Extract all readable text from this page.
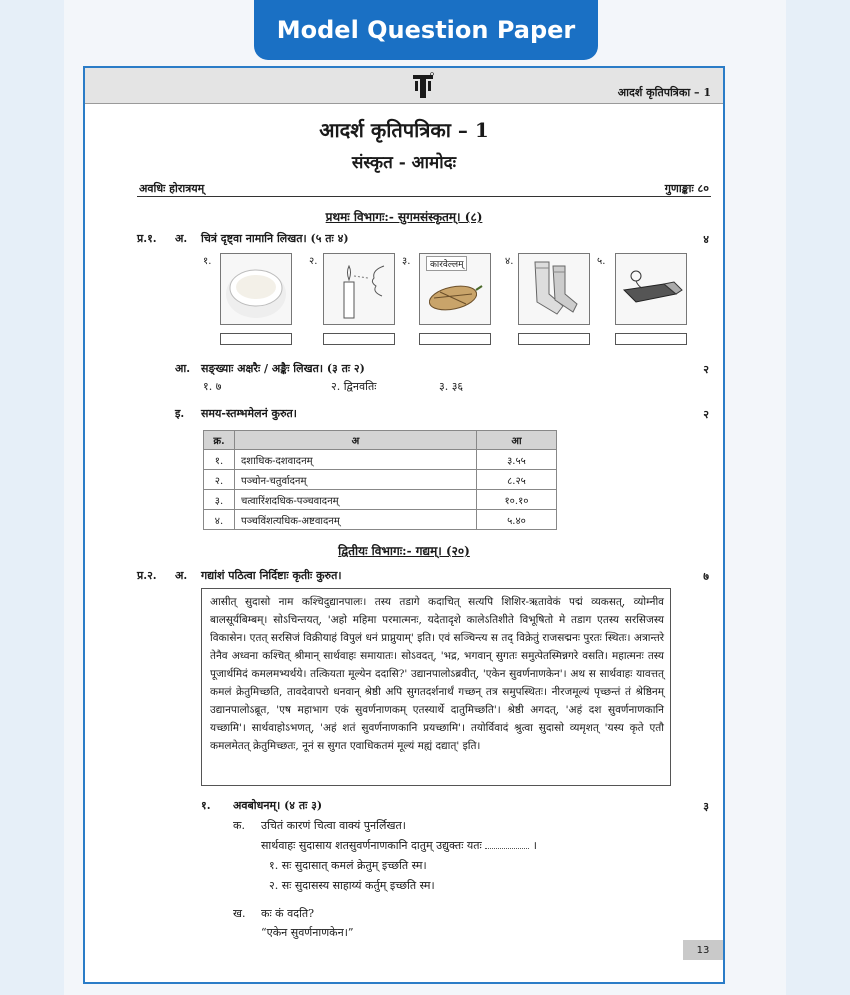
Model Question Paper
आदर्श कृतिपत्रिका – 1
आदर्श कृतिपत्रिका – 1
संस्कृत - आमोदः
अवधिः होरात्रयम्	गुणाङ्काः ८०
प्रथमः विभागः:- सुगमसंस्कृतम्। (८)
प्र.१. अ. चित्रं दृष्ट्वा नामानि लिखत। (५ तः ४)	४
१.	२.	३.	४.	५.
कारवेल्लम्
आ. सङ्ख्याः अक्षरैः / अङ्कैः लिखत। (३ तः २)	२
१. ७	२. द्विनवतिः	३. ३६
इ. समय-स्तम्भमेलनं कुरुत।	२
क्र.	अ	आ
१.	दशाधिक-दशवादनम्	३.५५
२.	पञ्चोन-चतुर्वादनम्	८.२५
३.	चत्वारिंशदधिक-पञ्चवादनम्	१०.१०
४.	पञ्चविंशत्यधिक-अष्टवादनम्	५.४०
द्वितीयः विभागः:- गद्यम्। (२०)
प्र.२. अ. गद्यांशं पठित्वा निर्दिष्टाः कृतीः कुरुत।	७
आसीत् सुदासो नाम कश्चिदुद्यानपालः। तस्य तडागे कदाचित् सत्यपि शिशिर-ऋतावेकं पद्मं व्यकसत्, व्योम्नीव बालसूर्यबिम्बम्। सोऽचिन्तयत्, 'अहो महिमा परमात्मनः, यदेतादृशे कालेऽतिशीते विभूषितो मे तडाग एतस्य सरसिजस्य विकासेन। एतत् सरसिजं विक्रीयाहं विपुलं धनं प्राप्नुयाम्' इति। एवं सञ्चिन्त्य स तद् विक्रेतुं राजसद्मनः पुरतः स्थितः। अत्रान्तरे तेनैव अध्वना कश्चित् श्रीमान् सार्थवाहः समायातः। सोऽवदत्, 'भद्र, भगवान् सुगतः समुत्पेतस्मिन्नगरे वसति। महात्मनः तस्य पूजार्थमिदं कमलमभ्यर्थये। तत्कियता मूल्येन ददासि?' उद्यानपालोऽब्रवीत्, 'एकेन सुवर्णनाणकेन'। अथ स सार्थवाहः यावत्तत् कमलं क्रेतुमिच्छति, तावदेवापरो धनवान् श्रेष्ठी अपि सुगतदर्शनार्थं गच्छन् तत्र समुपस्थितः। नीरजमूल्यं पृच्छन्तं तं श्रेष्ठिनम् उद्यानपालोऽब्रूत, 'एष महाभाग एकं सुवर्णनाणकम् एतस्यार्थे दातुमिच्छति'। श्रेष्ठी अगदत्, 'अहं दश सुवर्णनाणकानि यच्छामि'। सार्थवाहोऽभणत्, 'अहं शतं सुवर्णनाणकानि प्रयच्छामि'। तयोर्विवादं श्रुत्वा सुदासो व्यमृशत् 'यस्य कृते एतौ कमलमेतत् क्रेतुमिच्छतः, नूनं स सुगत एवाधिकतमं मूल्यं मह्यं दद्यात्' इति।
१. अवबोधनम्। (४ तः ३)	३
क. उचितं कारणं चित्वा वाक्यं पुनर्लिखत।
सार्थवाहः सुदासाय शतसुवर्णनाणकानि दातुम् उद्युक्तः यतः	।
१. सः सुदासात् कमलं क्रेतुम् इच्छति स्म।
२. सः सुदासस्य साहाय्यं कर्तुम् इच्छति स्म।
ख. कः कं वदति?
“एकेन सुवर्णनाणकेन।”
13
